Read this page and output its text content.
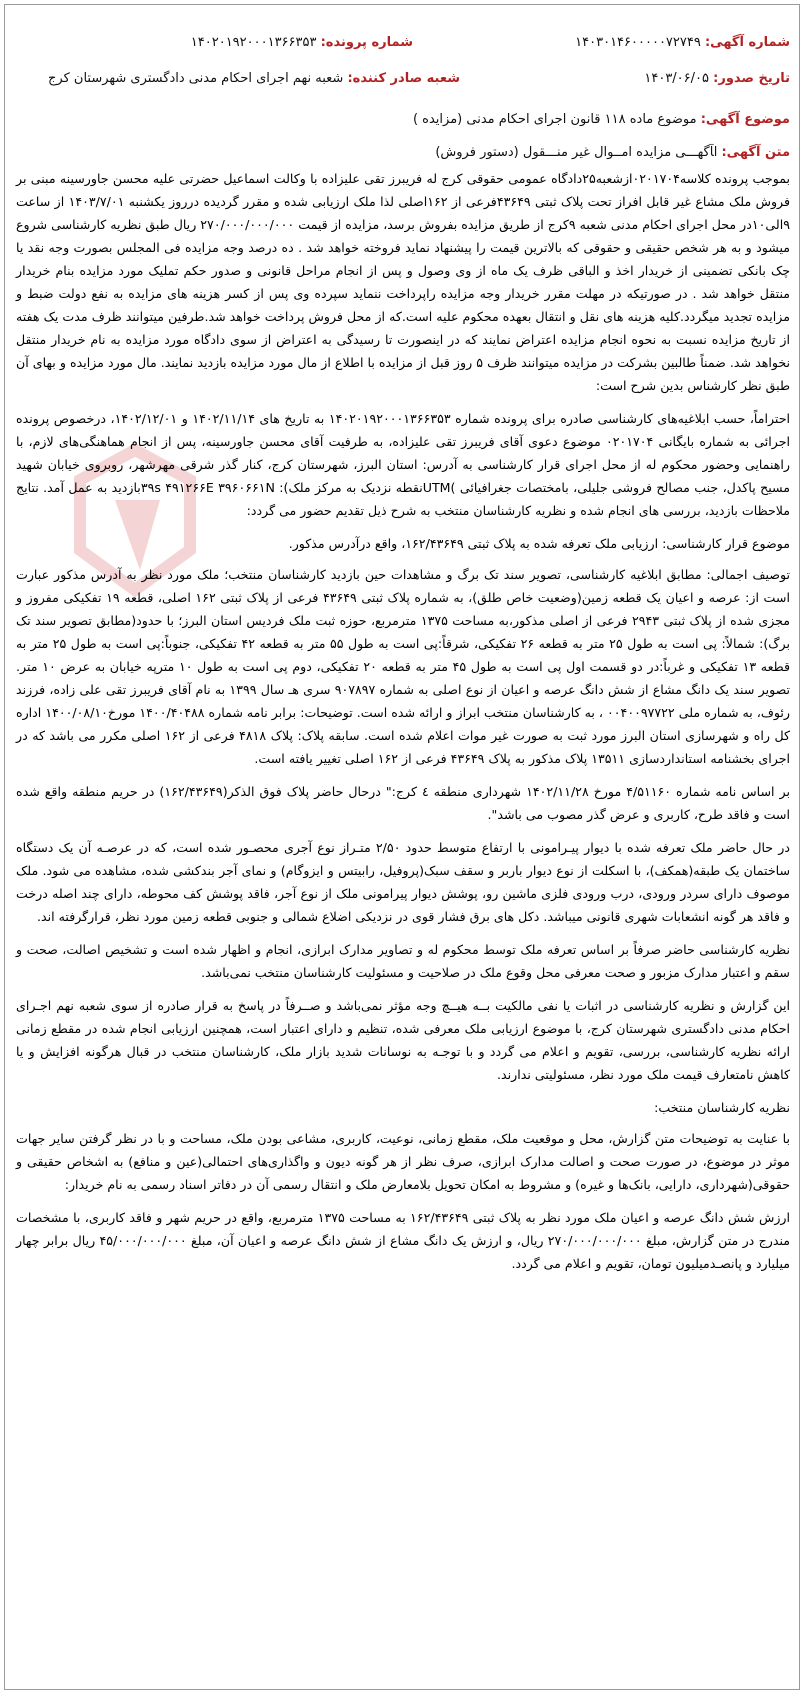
شماره آگهی: ۱۴۰۳۰۱۴۶۰۰۰۰۰۷۲۷۴۹
شماره پرونده: ۱۴۰۲۰۱۹۲۰۰۰۱۳۶۶۳۵۳
تاریخ صدور: ۱۴۰۳/۰۶/۰۵
شعبه صادر کننده: شعبه نهم اجرای احکام مدنی دادگستری شهرستان کرج
موضوع آگهی: موضوع ماده ۱۱۸ قانون اجرای احکام مدنی (مزایده )
متن آگهی: اﺂگهـــی مزایده امــوال غیر منـــقول (دستور فروش)

بموجب پرونده کلاسه۰۲۰۱۷۰۴ازشعبه۲۵دادگاه عمومی حقوقی کرج له فریبرز تقی علیزاده با وکالت اسماعیل حضرتی علیه محسن جاورسینه مبنی بر فروش ملک مشاع غیر قابل افراز تحت پلاک ثبتی ۴۳۶۴۹فرعی از ۱۶۲اصلی لذا ملک ارزیابی شده و مقرر گردیده درروز یکشنبه ۱۴۰۳/۷/۰۱ از ساعت ۹الی۱۰در محل اجرای احکام مدنی شعبه ۹کرج از طریق مزایده بفروش برسد، مزایده از قیمت ۲۷۰/۰۰۰/۰۰۰/۰۰۰ ریال طبق نظریه کارشناسی شروع میشود و به هر شخص حقیقی و حقوقی که بالاترین قیمت را پیشنهاد نماید فروخته خواهد شد . ده درصد وجه مزایده فی المجلس بصورت وجه نقد یا چک بانکی تضمینی از خریدار اخذ و الباقی ظرف یک ماه از وی وصول و پس از انجام مراحل قانونی و صدور حکم تملیک مورد مزایده بنام خریدار منتقل خواهد شد . در صورتیکه در مهلت مقرر خریدار وجه مزایده راپرداخت ننماید سپرده وی پس از کسر هزینه های مزایده به نفع دولت ضبط و مزایده تجدید میگردد.کلیه هزینه های نقل و انتقال بعهده محکوم علیه است.که از محل فروش پرداخت خواهد شد.طرفین میتوانند ظرف مدت یک هفته از تاریخ مزایده نسبت به نحوه انجام مزایده اعتراض نمایند که در اینصورت تا رسیدگی به اعتراض از سوی دادگاه مورد مزایده به نام خریدار منتقل نخواهد شد. ضمناً طالبین بشرکت در مزایده میتوانند ظرف ۵ روز قبل از مزایده با اطلاع از مال مورد مزایده بازدید نمایند. مال مورد مزایده و بهای آن طبق نظر کارشناس بدین شرح است:

احتراماً، حسب ابلاغیه‌های کارشناسی صادره برای پرونده شماره ۱۴۰۲۰۱۹۲۰۰۰۱۳۶۶۳۵۳ به تاریخ های ۱۴۰۲/۱۱/۱۴ و ۱۴۰۲/۱۲/۰۱، درخصوص پرونده اجرائی به شماره بایگانی ۰۲۰۱۷۰۴ موضوع دعوی آقای فریبرز تقی علیزاده، به طرفیت آقای محسن جاورسینه، پس از انجام هماهنگی‌های لازم، با راهنمایی وحضور محکوم له از محل اجرای قرار کارشناسی به آدرس: استان البرز، شهرستان کرج، کنار گذر شرقی مهرشهر، روبروی خیابان شهید مسیح پاکدل، جنب مصالح فروشی جلیلی، بامختصات جغرافیائی )UTMنقطه نزدیک به مرکز ملک): ۳۹s ۴۹۱۲۶۶E ۳۹۶۰۶۶۱Nبازدید به عمل آمد. نتایج ملاحظات بازدید، بررسی های انجام شده و نظریه کارشناسان منتخب به شرح ذیل تقدیم حضور می گردد:

موضوع قرار کارشناسی: ارزیابی ملک تعرفه شده به پلاک ثبتی ۱۶۲/۴۳۶۴۹، واقع درآدرس مذکور.

توصیف اجمالی: مطابق ابلاغیه کارشناسی، تصویر سند تک برگ و مشاهدات حین بازدید کارشناسان منتخب؛ ملک مورد نظر به آدرس مذکور عبارت است از: عرصه و اعیان یک قطعه زمین(وضعیت خاص طلق)، به شماره پلاک ثبتی ۴۳۶۴۹ فرعی از پلاک ثبتی ۱۶۲ اصلی، قطعه ۱۹ تفکیکی مفروز و مجزی شده از پلاک ثبتی ۲۹۴۳ فرعی از اصلی مذکور،به مساحت ۱۳۷۵ مترمربع، حوزه ثبت ملک فردیس استان البرز؛ با حدود(مطابق تصویر سند تک برگ): شمالاً: پی است به طول ۲۵ متر به قطعه ۲۶ تفکیکی، شرقاً:پی است به طول ۵۵ متر به قطعه ۴۲ تفکیکی، جنوباً:پی است به طول ۲۵ متر به قطعه ۱۳ تفکیکی و غرباً:در دو قسمت اول پی است به طول ۴۵ متر به قطعه ۲۰ تفکیکی، دوم پی است به طول ۱۰ مترپه خیابان به عرض ۱۰ متر. تصویر سند یک دانگ مشاع از شش دانگ عرصه و اعیان از نوع اصلی به شماره ۹۰۷۸۹۷ سری هـ سال ۱۳۹۹ به نام آقای فریبرز تقی علی زاده، فرزند رئوف، به شماره ملی ۰۰۴۰۰۹۷۷۲۲ ، به کارشناسان منتخب ابراز و ارائه شده است. توضیحات: برابر نامه شماره ۱۴۰۰/۴۰۴۸۸ مورخ۱۴۰۰/۰۸/۱۰ اداره کل راه و شهرسازی استان البرز مورد ثبت به صورت غیر موات اعلام شده است. سابقه پلاک: پلاک ۴۸۱۸ فرعی از ۱۶۲ اصلی مکرر می باشد که در اجرای بخشنامه استانداردسازی ۱۳۵۱۱ پلاک مذکور به پلاک ۴۳۶۴۹ فرعی از ۱۶۲ اصلی تغییر یافته است.

بر اساس نامه شماره ۴/۵۱۱۶۰ مورخ ۱۴۰۲/۱۱/۲۸ شهرداری منطقه ٤ کرج:" درحال حاضر پلاک فوق الذکر(۱۶۲/۴۳۶۴۹) در حریم منطقه واقع شده است و فاقد طرح، کاربری و عرض گذر مصوب می باشد".

در حال حاضر ملک تعرفه شده با دیوار پیـرامونی با ارتفاع متوسط حدود ۲/۵۰ متـراز نوع آجری محصـور شده است، که در عرصـه آن یک دستگاه ساختمان یک طبقه(همکف)، با اسکلت از نوع دیوار باربر و سقف سبک(پروفیل، رابیتس و ایزوگام) و نمای آجر بندکشی شده، مشاهده می شود. ملک موصوف دارای سردر ورودی، درب ورودی فلزی ماشین رو، پوشش دیوار پیرامونی ملک از نوع آجر، فاقد پوشش کف محوطه، دارای چند اصله درخت و فاقد هر گونه انشعابات شهری قانونی میباشد. دکل های برق فشار قوی در نزدیکی اضلاع شمالی و جنوبی قطعه زمین مورد نظر، قرارگرفته اند.

نظریه کارشناسی حاضر صرفاً بر اساس تعرفه ملک توسط محکوم له و تصاویر مدارک ابرازی، انجام و اظهار شده است و تشخیص اصالت، صحت و سقم و اعتبار مدارک مزبور و صحت معرفی محل وقوع ملک در صلاحیت و مسئولیت کارشناسان منتخب نمی‌باشد.

این گزارش و نظریه کارشناسی در اثبات یا نفی مالکیت بــه هیــچ وجه مؤثر نمی‌باشد و صــرفاً در پاسخ به قرار صادره از سوی شعبه نهم اجـرای احکام مدنی دادگستری شهرستان کرج، با موضوع ارزیابی ملک معرفی شده، تنظیم و دارای اعتبار است، همچنین ارزیابی انجام شده در مقطع زمانی ارائه نظریه کارشناسی، بررسی، تقویم و اعلام می گردد و با توجـه به نوسانات شدید بازار ملک، کارشناسان منتخب در قبال هرگونه افزایش و یا کاهش نامتعارف قیمت ملک مورد نظر، مسئولیتی ندارند.

نظریه کارشناسان منتخب:

با عنایت به توضیحات متن گزارش، محل و موقعیت ملک، مقطع زمانی، نوعیت، کاربری، مشاعی بودن ملک، مساحت و با در نظر گرفتن سایر جهات موثر در موضوع، در صورت صحت و اصالت مدارک ابرازی، صرف نظر از هر گونه دیون و واگذاری‌های احتمالی(عین و منافع) به اشخاص حقیقی و حقوقی(شهرداری، دارایی، بانک‌ها و غیره) و مشروط به امکان تحویل بلامعارض ملک و انتقال رسمی آن در دفاتر اسناد رسمی به نام خریدار:

ارزش شش دانگ عرصه و اعیان ملک مورد نظر به پلاک ثبتی ۱۶۲/۴۳۶۴۹ به مساحت ۱۳۷۵ مترمربع، واقع در حریم شهر و فاقد کاربری، با مشخصات مندرج در متن گزارش، مبلغ ۲۷۰/۰۰۰/۰۰۰/۰۰۰ ریال، و ارزش یک دانگ مشاع از شش دانگ عرصه و اعیان آن، مبلغ ۴۵/۰۰۰/۰۰۰/۰۰۰ ریال برابر چهار میلیارد و پانصـدمیلیون تومان، تقویم و اعلام می گردد.
